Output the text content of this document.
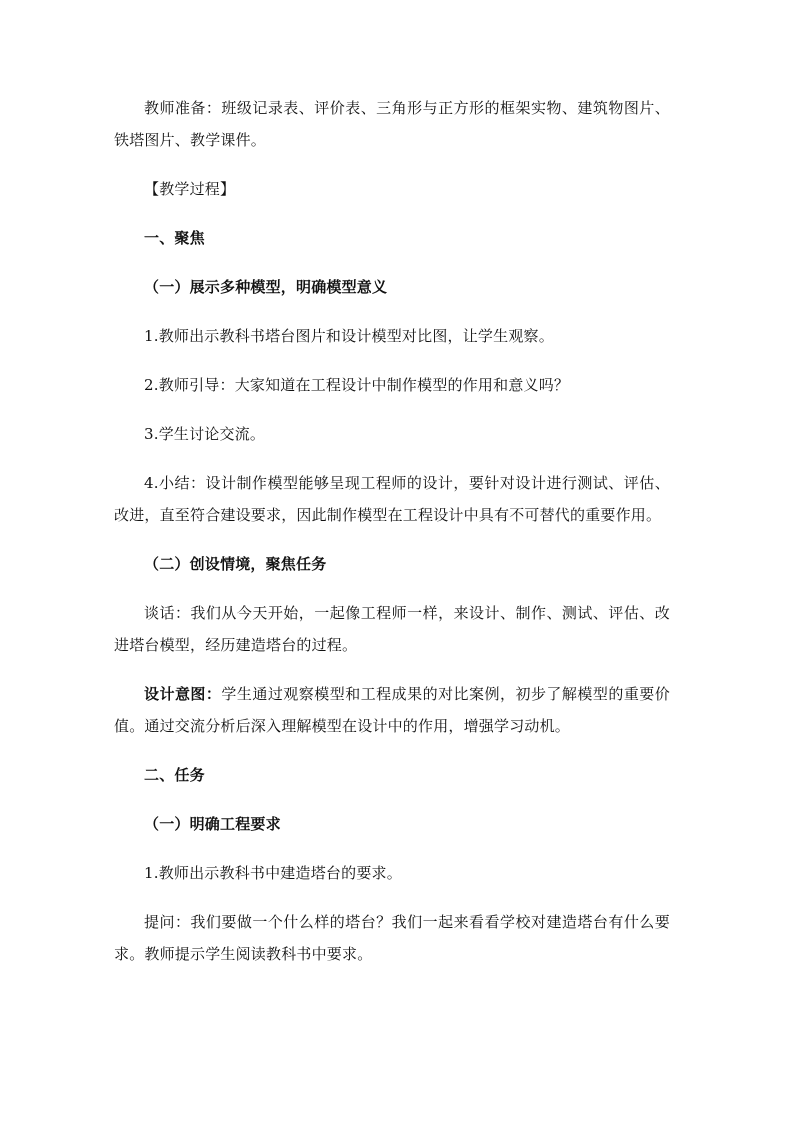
教师准备：班级记录表、评价表、三角形与正方形的框架实物、建筑物图片、铁塔图片、教学课件。

【教学过程】

一、聚焦

（一）展示多种模型，明确模型意义

1.教师出示教科书塔台图片和设计模型对比图，让学生观察。

2.教师引导：大家知道在工程设计中制作模型的作用和意义吗？

3.学生讨论交流。

4.小结：设计制作模型能够呈现工程师的设计，要针对设计进行测试、评估、改进，直至符合建设要求，因此制作模型在工程设计中具有不可替代的重要作用。

（二）创设情境，聚焦任务

谈话：我们从今天开始，一起像工程师一样，来设计、制作、测试、评估、改进塔台模型，经历建造塔台的过程。

设计意图：学生通过观察模型和工程成果的对比案例，初步了解模型的重要价值。通过交流分析后深入理解模型在设计中的作用，增强学习动机。

二、任务

（一）明确工程要求

1.教师出示教科书中建造塔台的要求。

提问：我们要做一个什么样的塔台？我们一起来看看学校对建造塔台有什么要求。教师提示学生阅读教科书中要求。
